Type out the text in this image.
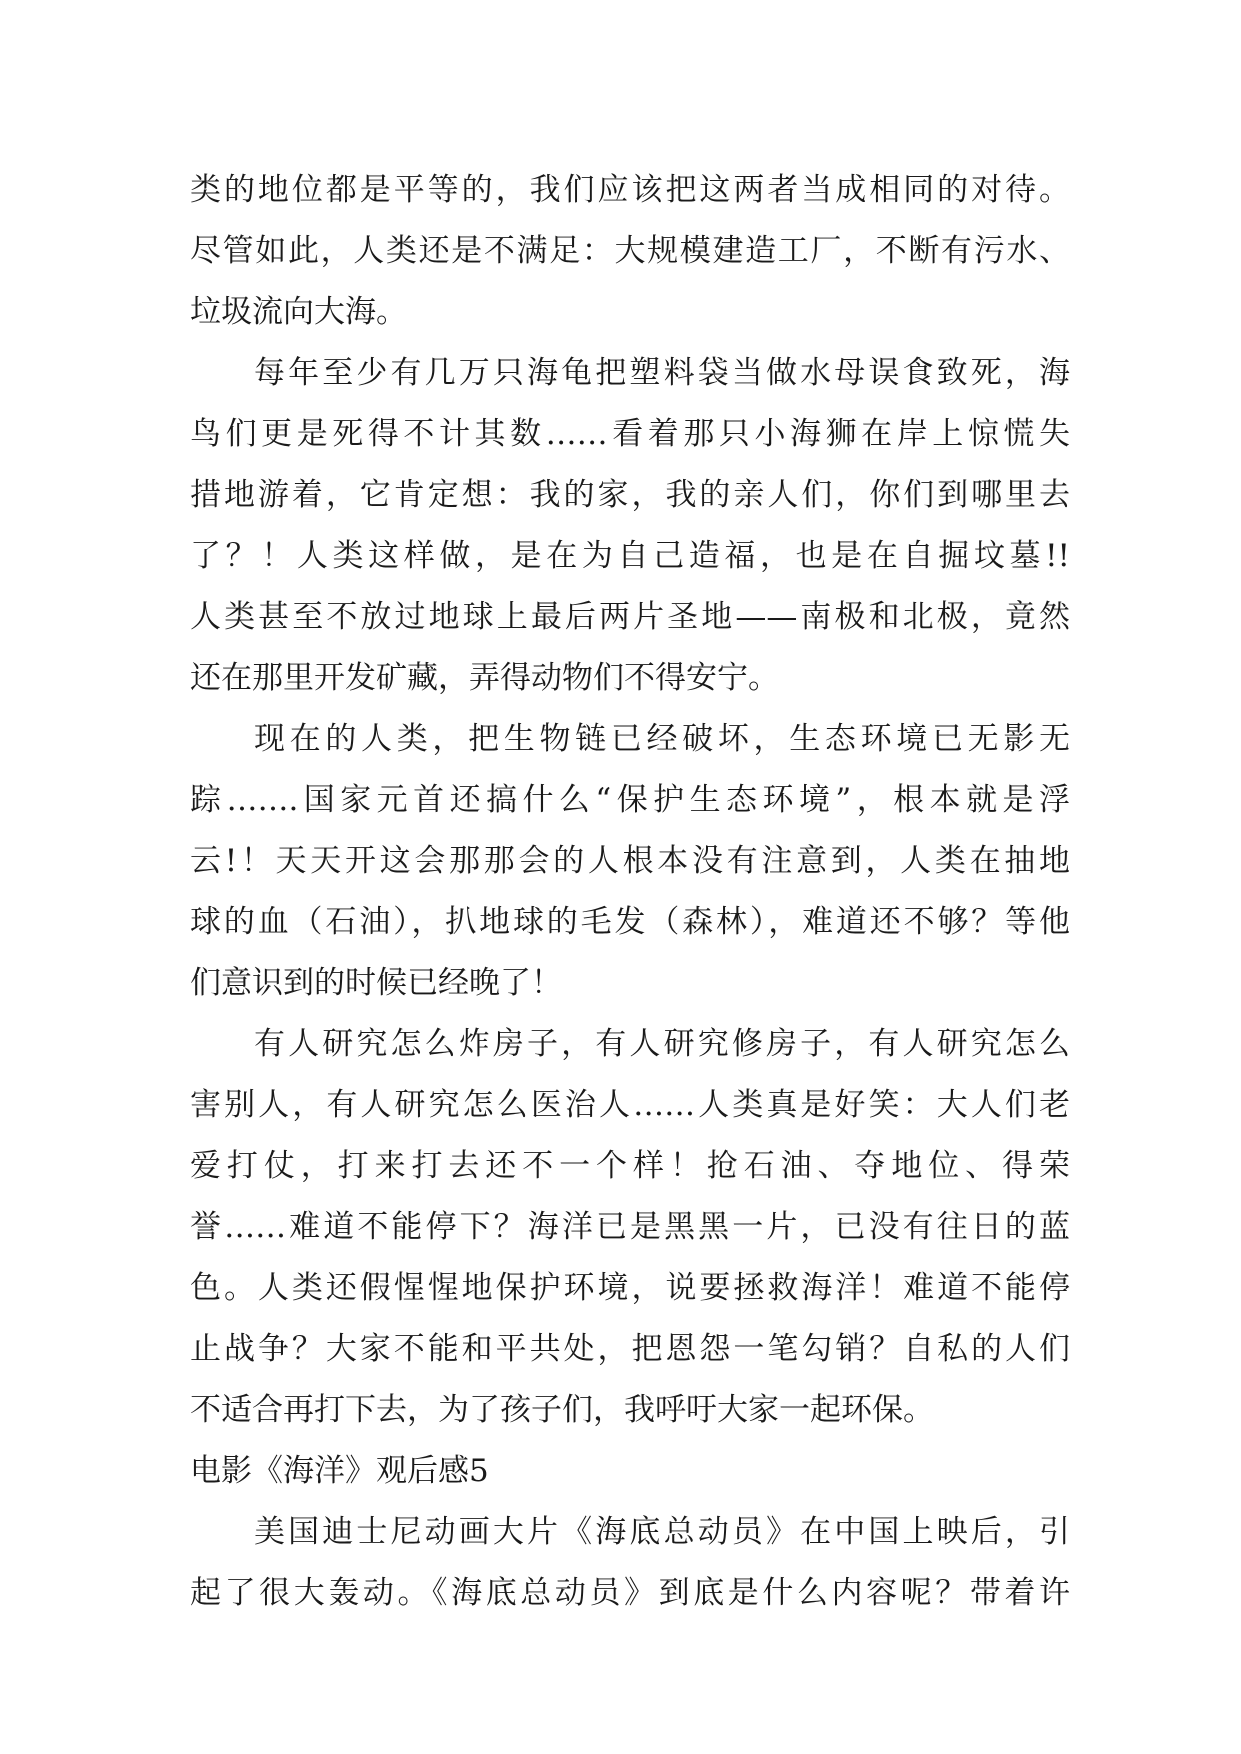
类的地位都是平等的，我们应该把这两者当成相同的对待。
尽管如此，人类还是不满足：大规模建造工厂，不断有污水、
垃圾流向大海。
每年至少有几万只海龟把塑料袋当做水母误食致死，海
鸟们更是死得不计其数……看着那只小海狮在岸上惊慌失
措地游着，它肯定想：我的家，我的亲人们，你们到哪里去
了？！人类这样做，是在为自己造福，也是在自掘坟墓!!
人类甚至不放过地球上最后两片圣地——南极和北极，竟然
还在那里开发矿藏，弄得动物们不得安宁。
现在的人类，把生物链已经破坏，生态环境已无影无
踪…….国家元首还搞什么“保护生态环境”，根本就是浮
云!！天天开这会那那会的人根本没有注意到，人类在抽地
球的血（石油），扒地球的毛发（森林），难道还不够？等他
们意识到的时候已经晚了！
有人研究怎么炸房子，有人研究修房子，有人研究怎么
害别人，有人研究怎么医治人……人类真是好笑：大人们老
爱打仗，打来打去还不一个样！抢石油、夺地位、得荣
誉……难道不能停下？海洋已是黑黑一片，已没有往日的蓝
色。人类还假惺惺地保护环境，说要拯救海洋！难道不能停
止战争？大家不能和平共处，把恩怨一笔勾销？自私的人们
不适合再打下去，为了孩子们，我呼吁大家一起环保。
电影《海洋》观后感5
美国迪士尼动画大片《海底总动员》在中国上映后，引
起了很大轰动。《海底总动员》到底是什么内容呢？带着许
